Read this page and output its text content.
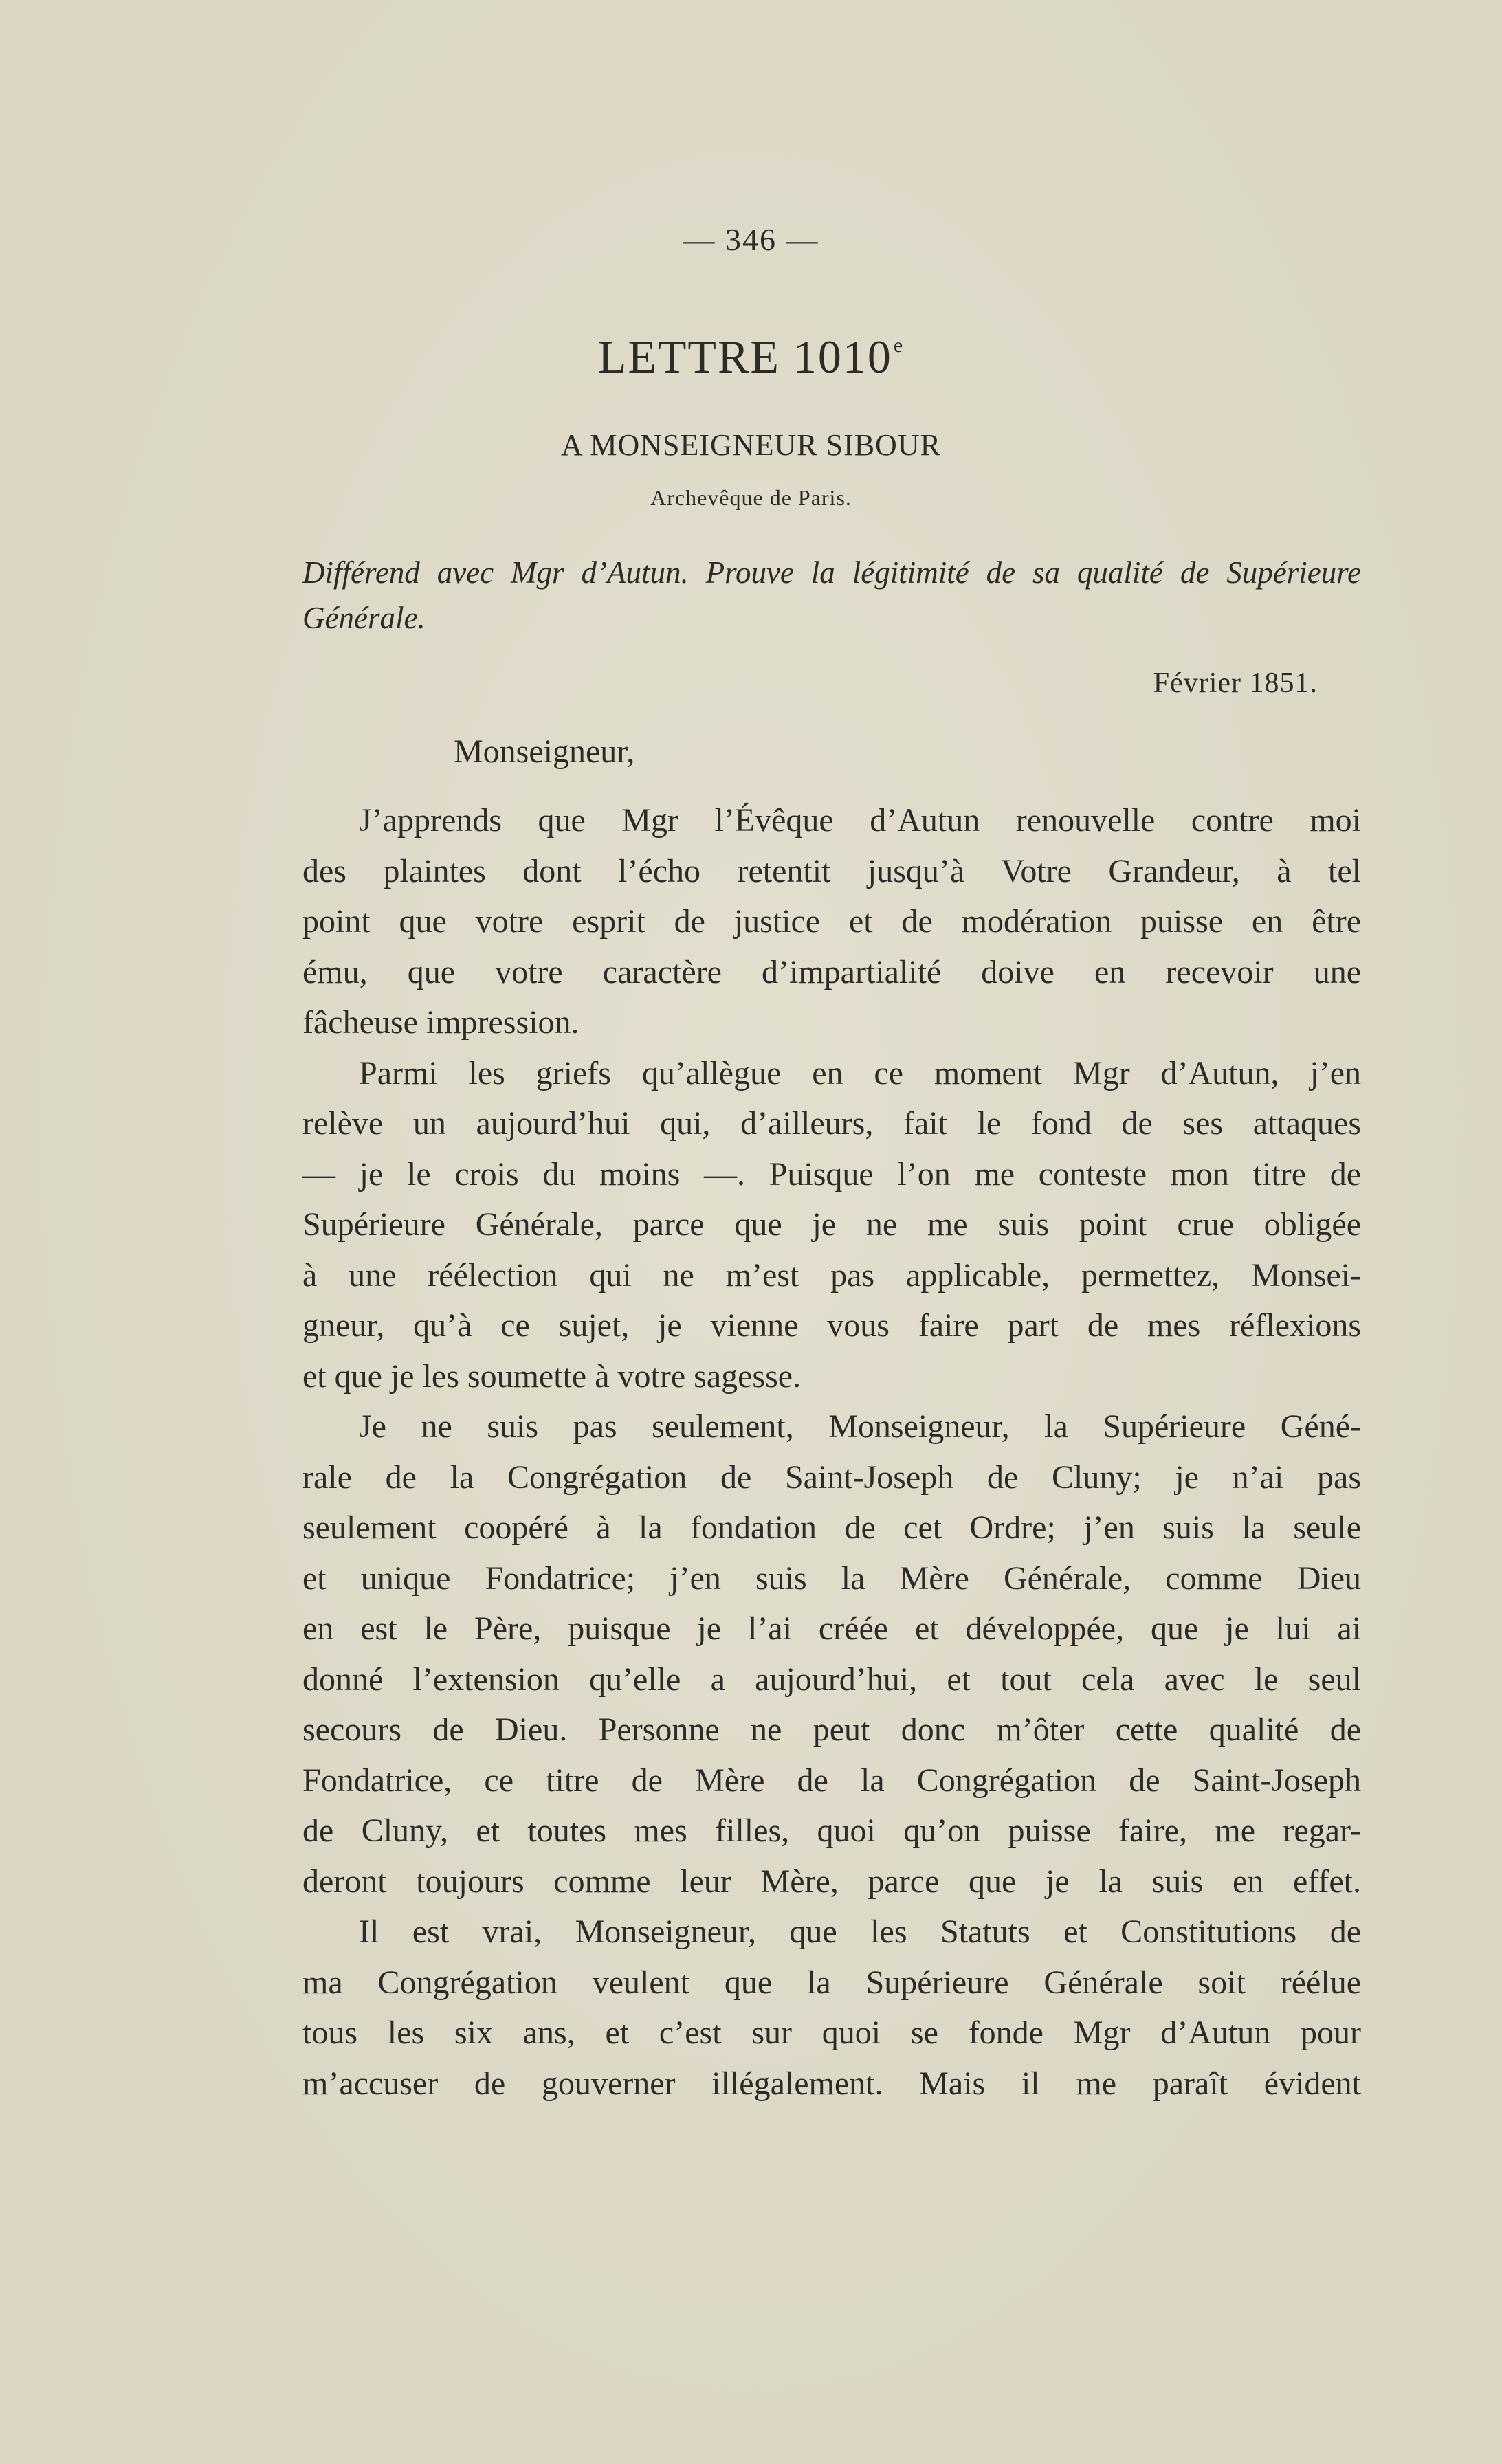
— 346 —
LETTRE 1010e
A MONSEIGNEUR SIBOUR
Archevêque de Paris.
Différend avec Mgr d’Autun. Prouve la légitimité de sa qualité de Supérieure Générale.
Février 1851.
Monseigneur,
J’apprends que Mgr l’Évêque d’Autun renouvelle contre moi
des plaintes dont l’écho retentit jusqu’à Votre Grandeur, à tel
point que votre esprit de justice et de modération puisse en être
ému, que votre caractère d’impartialité doive en recevoir une
fâcheuse impression.
Parmi les griefs qu’allègue en ce moment Mgr d’Autun, j’en
relève un aujourd’hui qui, d’ailleurs, fait le fond de ses attaques
— je le crois du moins —. Puisque l’on me conteste mon titre de
Supérieure Générale, parce que je ne me suis point crue obligée
à une réélection qui ne m’est pas applicable, permettez, Monsei-
gneur, qu’à ce sujet, je vienne vous faire part de mes réflexions
et que je les soumette à votre sagesse.
Je ne suis pas seulement, Monseigneur, la Supérieure Géné-
rale de la Congrégation de Saint-Joseph de Cluny; je n’ai pas
seulement coopéré à la fondation de cet Ordre; j’en suis la seule
et unique Fondatrice; j’en suis la Mère Générale, comme Dieu
en est le Père, puisque je l’ai créée et développée, que je lui ai
donné l’extension qu’elle a aujourd’hui, et tout cela avec le seul
secours de Dieu. Personne ne peut donc m’ôter cette qualité de
Fondatrice, ce titre de Mère de la Congrégation de Saint-Joseph
de Cluny, et toutes mes filles, quoi qu’on puisse faire, me regar-
deront toujours comme leur Mère, parce que je la suis en effet.
Il est vrai, Monseigneur, que les Statuts et Constitutions de
ma Congrégation veulent que la Supérieure Générale soit réélue
tous les six ans, et c’est sur quoi se fonde Mgr d’Autun pour
m’accuser de gouverner illégalement. Mais il me paraît évident
